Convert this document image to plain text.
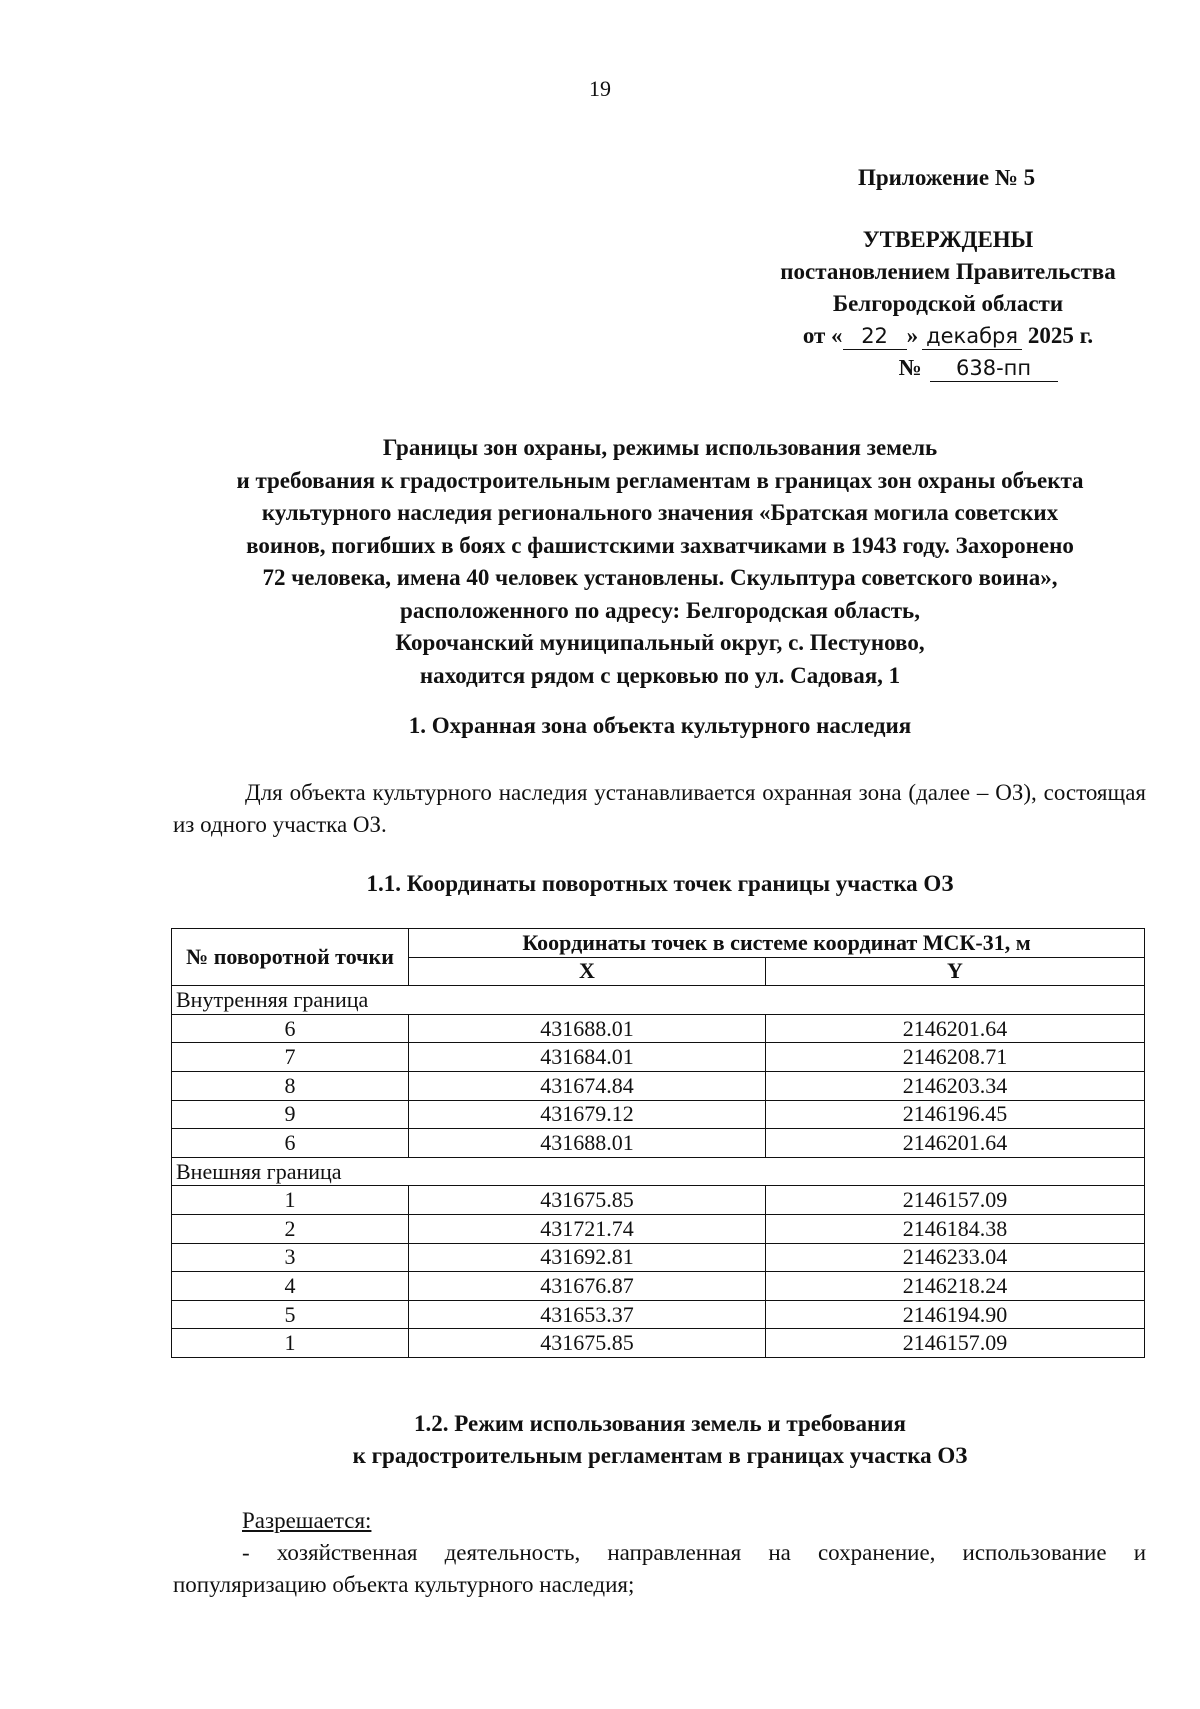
19
Приложение № 5
УТВЕРЖДЕНЫ
постановлением Правительства
Белгородской области
от « 22 » декабря 2025 г.
№ 638-пп
Границы зон охраны, режимы использования земель
и требования к градостроительным регламентам в границах зон охраны объекта
культурного наследия регионального значения «Братская могила советских
воинов, погибших в боях с фашистскими захватчиками в 1943 году. Захоронено
72 человека, имена 40 человек установлены. Скульптура советского воина»,
расположенного по адресу: Белгородская область,
Корочанский муниципальный округ, с. Пестуново,
находится рядом с церковью по ул. Садовая, 1
1. Охранная зона объекта культурного наследия
Для объекта культурного наследия устанавливается охранная зона (далее – ОЗ), состоящая из одного участка ОЗ.
1.1. Координаты поворотных точек границы участка ОЗ
№ поворотной точки	Координаты точек в системе координат МСК-31, м	
	X	Y
Внутренняя граница		
6	431688.01	2146201.64
7	431684.01	2146208.71
8	431674.84	2146203.34
9	431679.12	2146196.45
6	431688.01	2146201.64
Внешняя граница		
1	431675.85	2146157.09
2	431721.74	2146184.38
3	431692.81	2146233.04
4	431676.87	2146218.24
5	431653.37	2146194.90
1	431675.85	2146157.09
1.2. Режим использования земель и требования
к градостроительным регламентам в границах участка ОЗ
Разрешается:
- хозяйственная деятельность, направленная на сохранение, использование и популяризацию объекта культурного наследия;
